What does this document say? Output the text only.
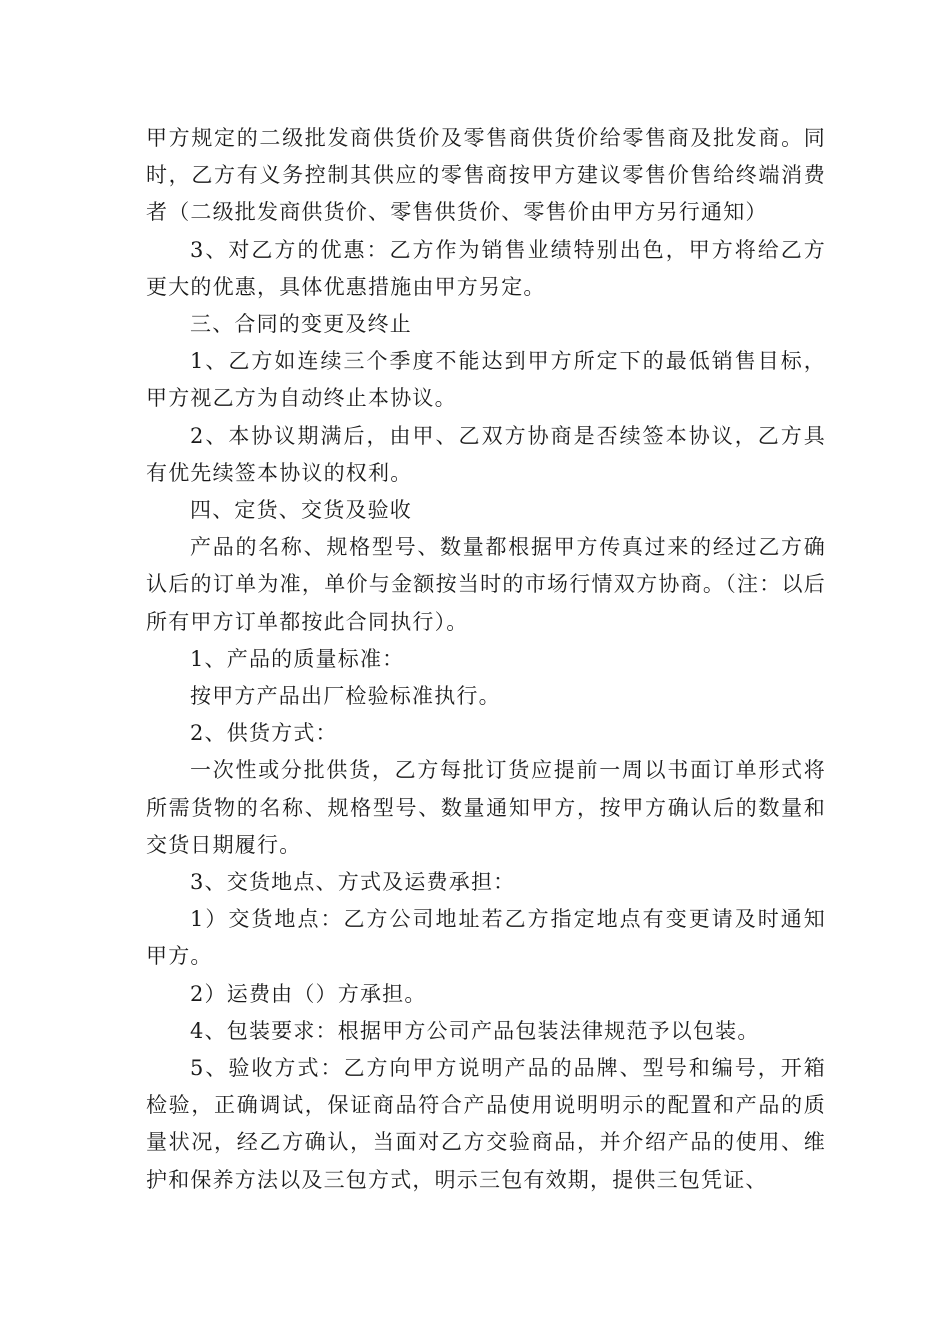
甲方规定的二级批发商供货价及零售商供货价给零售商及批发商。同时，乙方有义务控制其供应的零售商按甲方建议零售价售给终端消费者（二级批发商供货价、零售供货价、零售价由甲方另行通知）

3、对乙方的优惠：乙方作为销售业绩特别出色，甲方将给乙方更大的优惠，具体优惠措施由甲方另定。

三、合同的变更及终止

1、乙方如连续三个季度不能达到甲方所定下的最低销售目标，甲方视乙方为自动终止本协议。

2、本协议期满后，由甲、乙双方协商是否续签本协议，乙方具有优先续签本协议的权利。

四、定货、交货及验收

产品的名称、规格型号、数量都根据甲方传真过来的经过乙方确认后的订单为准，单价与金额按当时的市场行情双方协商。（注：以后所有甲方订单都按此合同执行）。

1、产品的质量标准：

按甲方产品出厂检验标准执行。

2、供货方式：

一次性或分批供货，乙方每批订货应提前一周以书面订单形式将所需货物的名称、规格型号、数量通知甲方，按甲方确认后的数量和交货日期履行。

3、交货地点、方式及运费承担：

1）交货地点：乙方公司地址若乙方指定地点有变更请及时通知甲方。

2）运费由（）方承担。

4、包装要求：根据甲方公司产品包装法律规范予以包装。

5、验收方式：乙方向甲方说明产品的品牌、型号和编号，开箱检验，正确调试，保证商品符合产品使用说明明示的配置和产品的质量状况，经乙方确认，当面对乙方交验商品，并介绍产品的使用、维护和保养方法以及三包方式，明示三包有效期，提供三包凭证、
